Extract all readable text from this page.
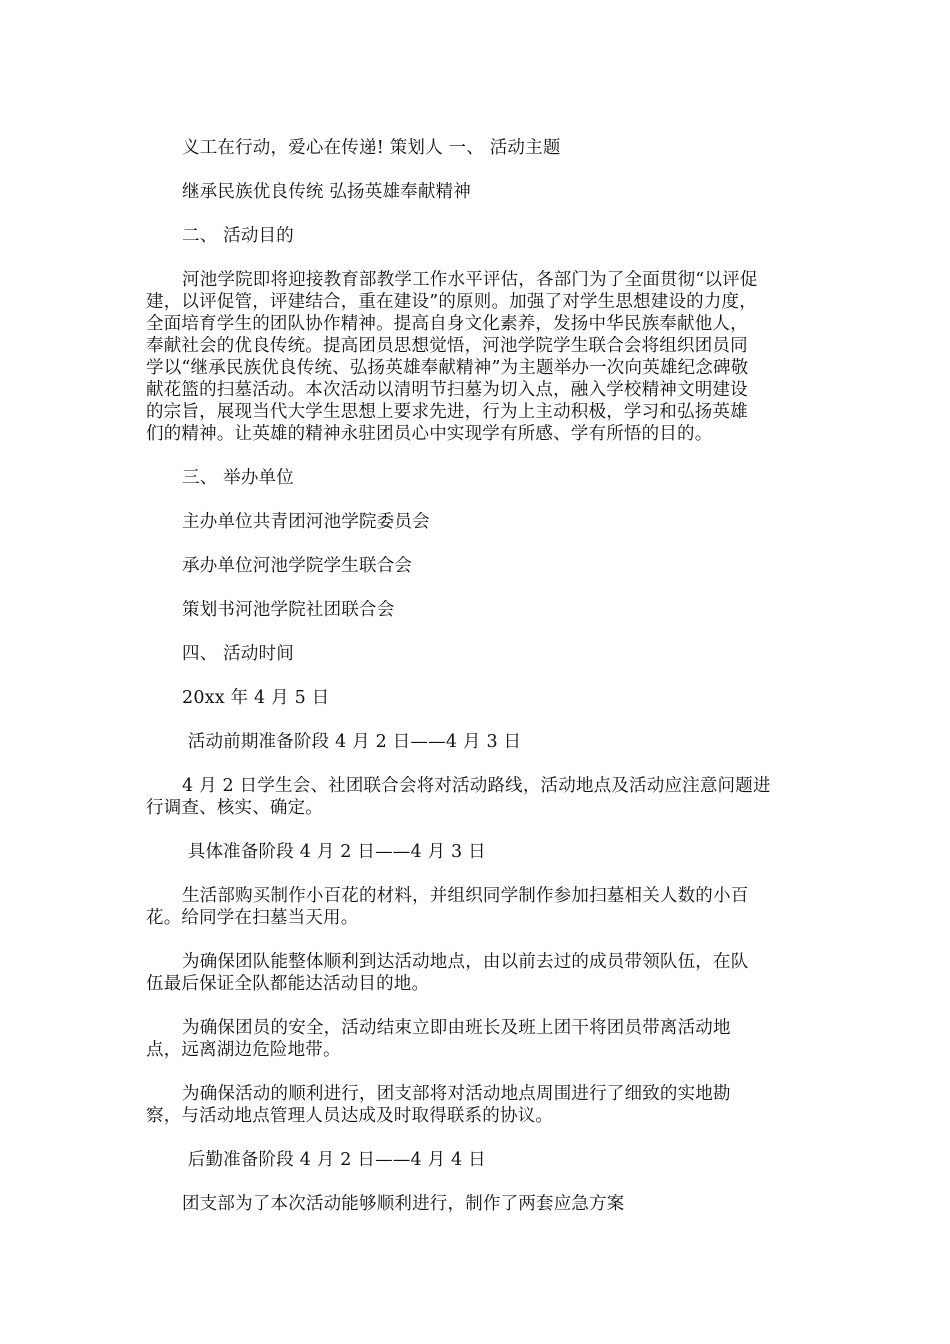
义工在行动，爱心在传递! 策划人 一、 活动主题
继承民族优良传统 弘扬英雄奉献精神
二、 活动目的
河池学院即将迎接教育部教学工作水平评估，各部门为了全面贯彻“以评促
建，以评促管，评建结合，重在建设”的原则。加强了对学生思想建设的力度，
全面培育学生的团队协作精神。提高自身文化素养，发扬中华民族奉献他人，
奉献社会的优良传统。提高团员思想觉悟，河池学院学生联合会将组织团员同
学以“继承民族优良传统、弘扬英雄奉献精神”为主题举办一次向英雄纪念碑敬
献花篮的扫墓活动。本次活动以清明节扫墓为切入点，融入学校精神文明建设
的宗旨，展现当代大学生思想上要求先进，行为上主动积极，学习和弘扬英雄
们的精神。让英雄的精神永驻团员心中实现学有所感、学有所悟的目的。
三、 举办单位
主办单位共青团河池学院委员会
承办单位河池学院学生联合会
策划书河池学院社团联合会
四、 活动时间
20xx 年 4 月 5 日
活动前期准备阶段 4 月 2 日——4 月 3 日
4 月 2 日学生会、社团联合会将对活动路线，活动地点及活动应注意问题进
行调查、核实、确定。
具体准备阶段 4 月 2 日——4 月 3 日
生活部购买制作小百花的材料，并组织同学制作参加扫墓相关人数的小百
花。给同学在扫墓当天用。
为确保团队能整体顺利到达活动地点，由以前去过的成员带领队伍，在队
伍最后保证全队都能达活动目的地。
为确保团员的安全，活动结束立即由班长及班上团干将团员带离活动地
点，远离湖边危险地带。
为确保活动的顺利进行，团支部将对活动地点周围进行了细致的实地勘
察，与活动地点管理人员达成及时取得联系的协议。
后勤准备阶段 4 月 2 日——4 月 4 日
团支部为了本次活动能够顺利进行，制作了两套应急方案
